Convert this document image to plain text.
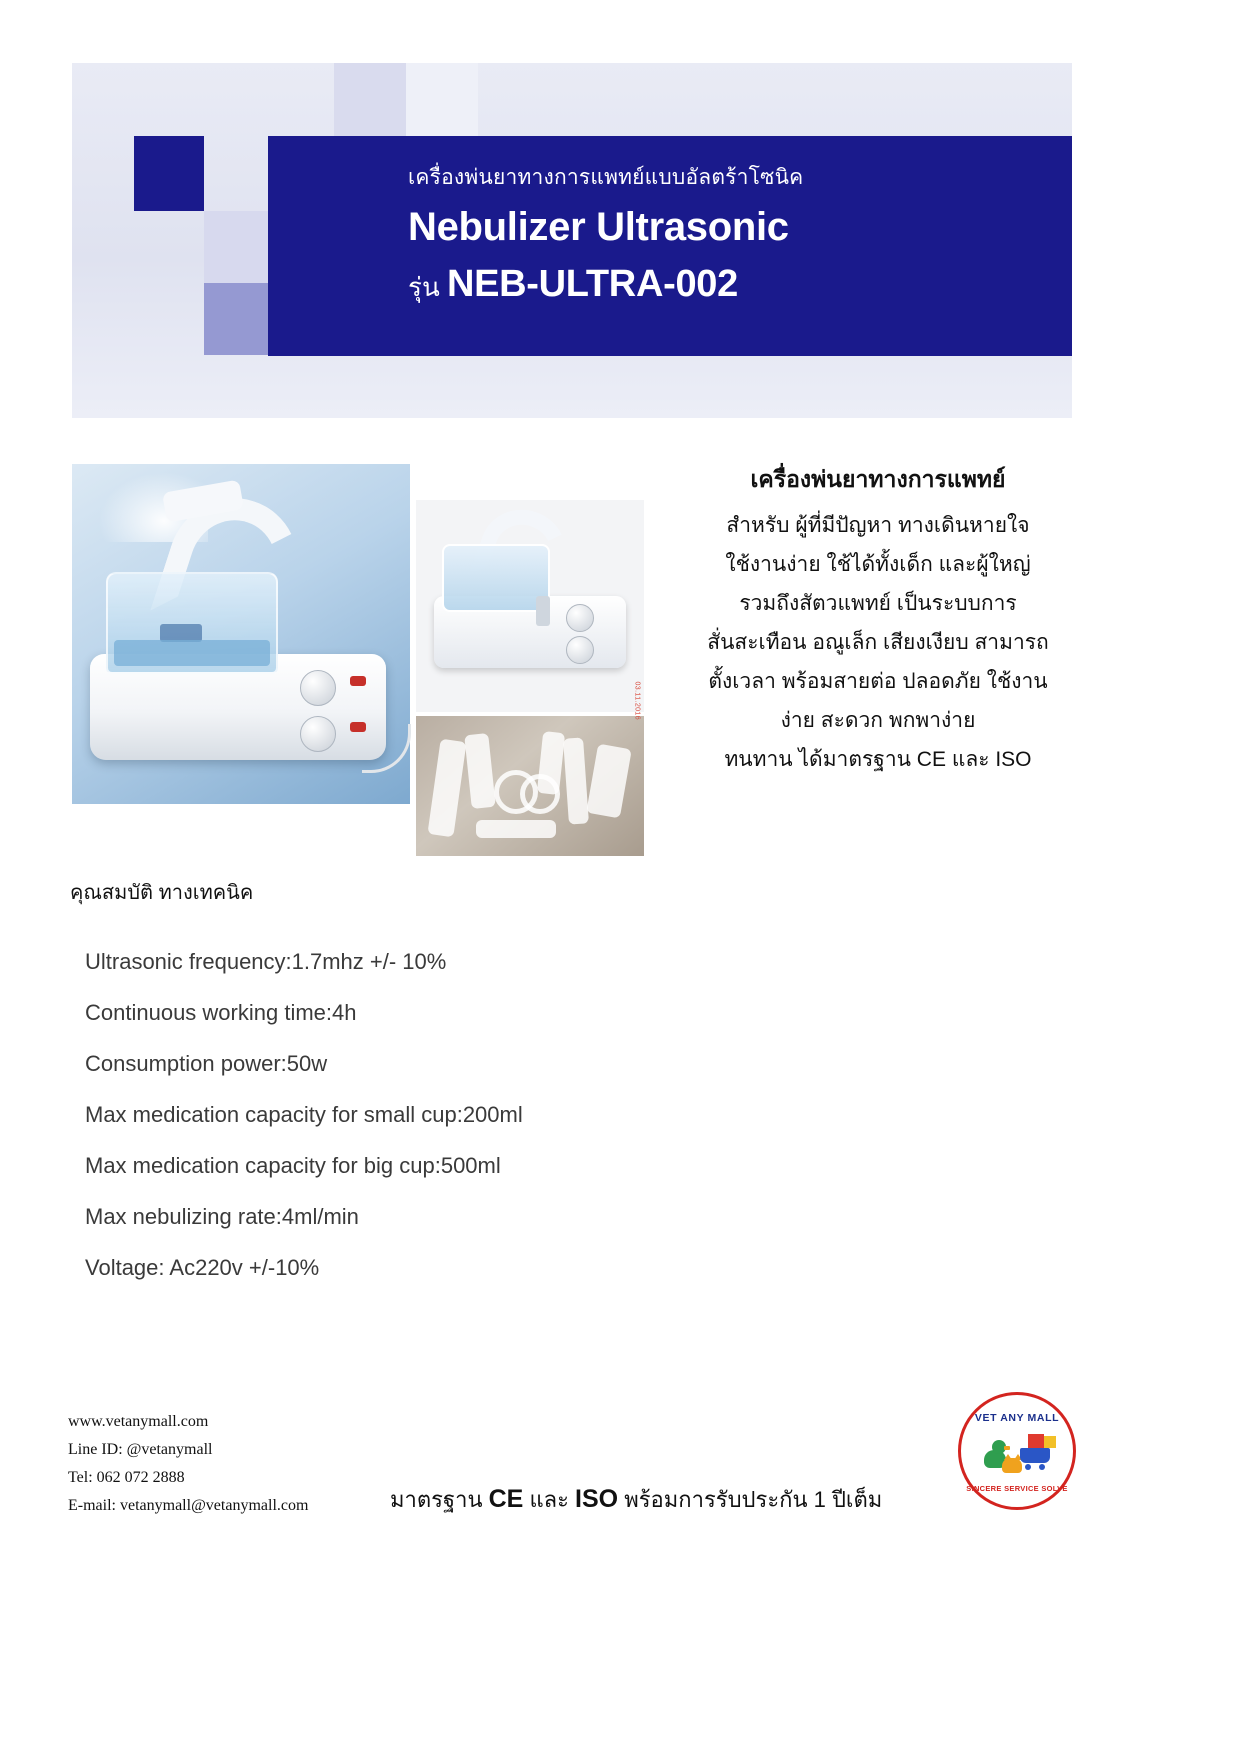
เครื่องพ่นยาทางการแพทย์แบบอัลตร้าโซนิค
Nebulizer Ultrasonic
รุ่น NEB-ULTRA-002
03.11.2016
เครื่องพ่นยาทางการแพทย์
สำหรับ ผู้ที่มีปัญหา ทางเดินหายใจ
ใช้งานง่าย ใช้ได้ทั้งเด็ก และผู้ใหญ่
รวมถึงสัตวแพทย์ เป็นระบบการ
สั่นสะเทือน อณูเล็ก เสียงเงียบ สามารถ
ตั้งเวลา พร้อมสายต่อ ปลอดภัย ใช้งาน
ง่าย สะดวก พกพาง่าย
ทนทาน ได้มาตรฐาน CE และ ISO
คุณสมบัติ ทางเทคนิค
Ultrasonic frequency:1.7mhz +/- 10%
Continuous working time:4h
Consumption power:50w
Max medication capacity for small cup:200ml
Max medication capacity for big cup:500ml
Max nebulizing rate:4ml/min
Voltage: Ac220v +/-10%
www.vetanymall.com
Line ID: @vetanymall
Tel: 062 072 2888
E-mail: vetanymall@vetanymall.com	มาตรฐาน CE และ ISO พร้อมการรับประกัน 1 ปีเต็ม
VET ANY MALL
SINCERE SERVICE SOLVE
